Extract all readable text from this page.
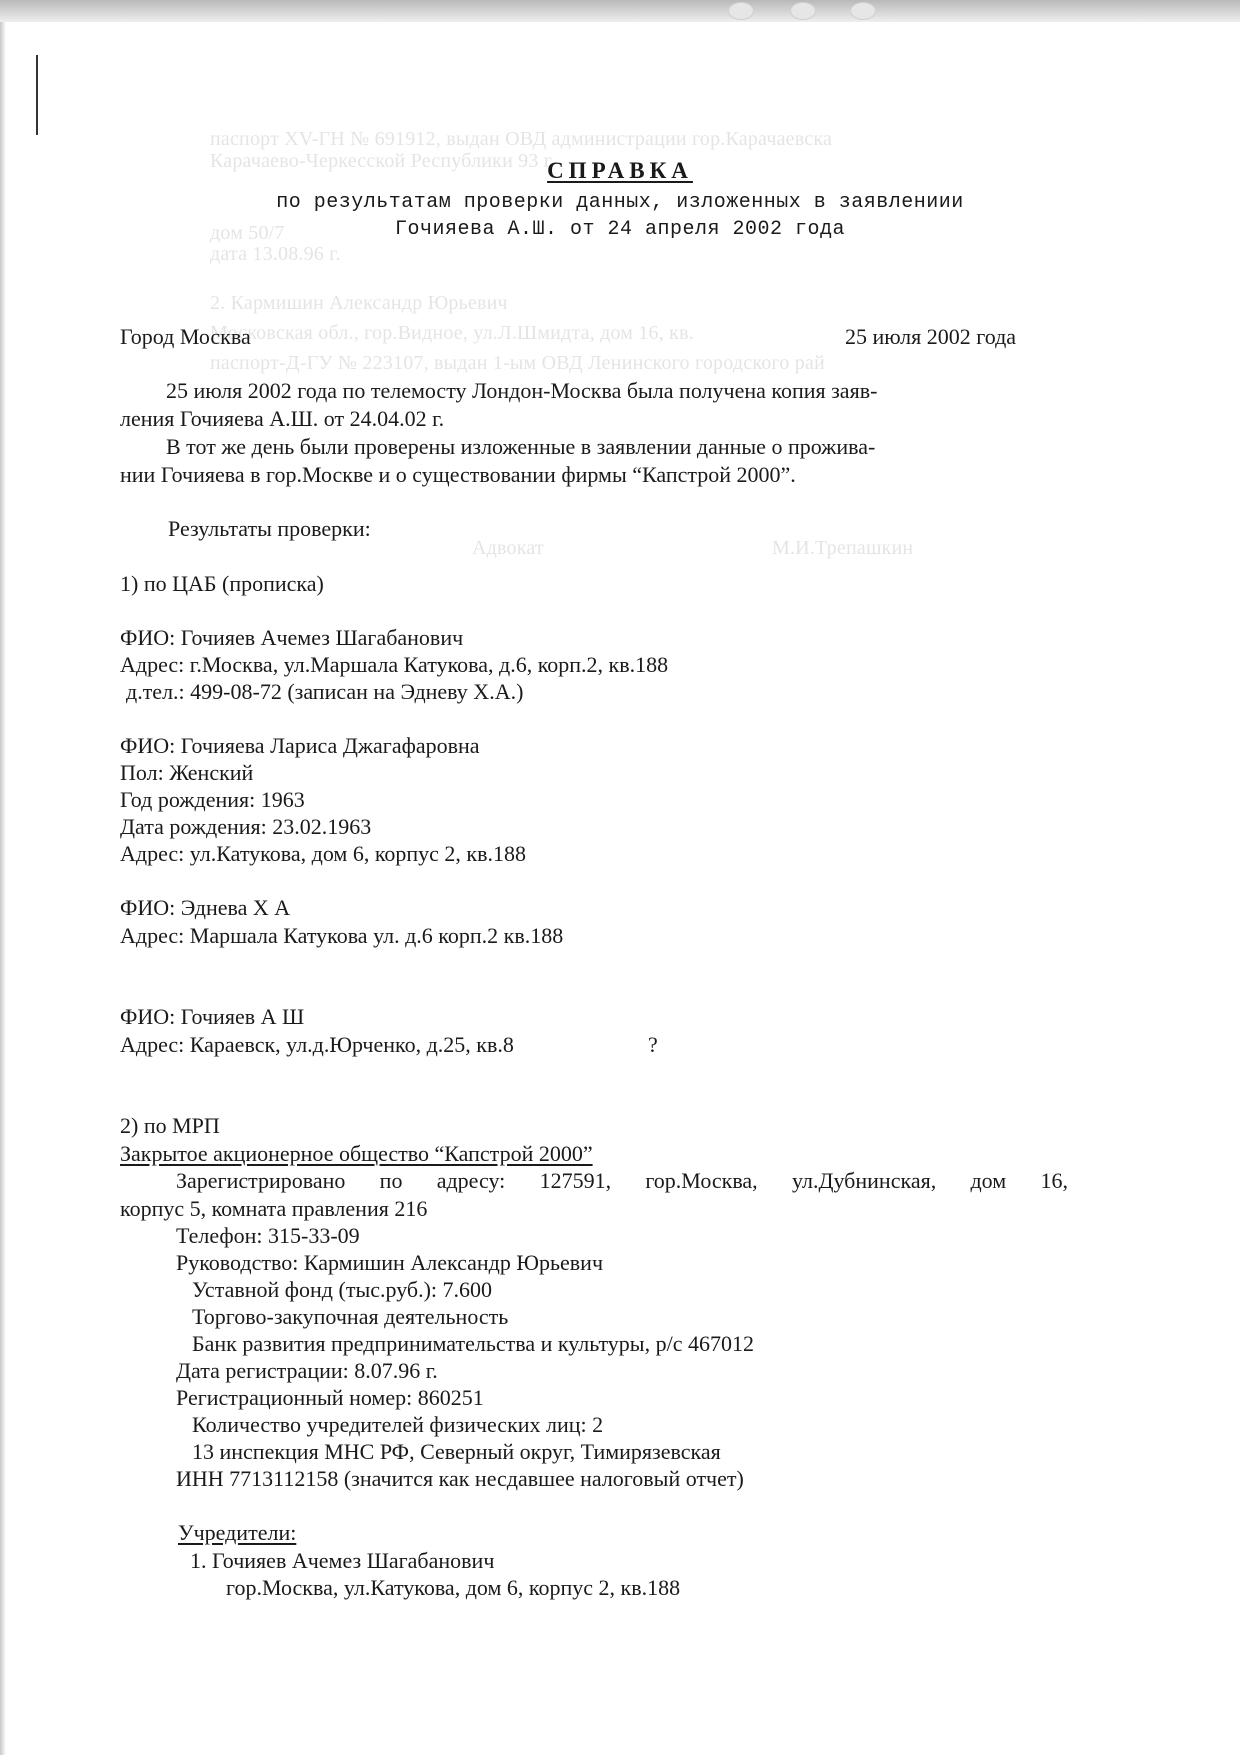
паспорт XV-ГН № 691912, выдан ОВД администрации гор.Карачаевска
Карачаево-Черкесской Республики 93 г.
дом 50/7
дата 13.08.96 г.
2. Кармишин Александр Юрьевич
Московская обл., гор.Видное, ул.Л.Шмидта, дом 16, кв.
паспорт-Д-ГУ № 223107, выдан 1-ым ОВД Ленинского городского рай
Адвокат	М.И.Трепашкин
СПРАВКА
по результатам проверки данных, изложенных в заявлениии
Гочияева А.Ш. от 24 апреля 2002 года
Город Москва	25 июля 2002 года
25 июля 2002 года по телемосту Лондон-Москва была получена копия заяв-
ления Гочияева А.Ш. от 24.04.02 г.
В тот же день были проверены изложенные в заявлении данные о прожива-
нии Гочияева в гор.Москве и о существовании фирмы “Капстрой 2000”.
Результаты проверки:
1) по ЦАБ (прописка)
ФИО: Гочияев Ачемез Шагабанович
Адрес: г.Москва, ул.Маршала Катукова, д.6, корп.2, кв.188
д.тел.: 499-08-72 (записан на Эдневу Х.А.)
ФИО: Гочияева Лариса Джагафаровна
Пол: Женский
Год рождения: 1963
Дата рождения: 23.02.1963
Адрес: ул.Катукова, дом 6, корпус 2, кв.188
ФИО: Эднева Х А
Адрес: Маршала Катукова ул. д.6 корп.2 кв.188
ФИО: Гочияев А Ш
Адрес: Караевск, ул.д.Юрченко, д.25, кв.8	?
2) по МРП
Закрытое акционерное общество “Капстрой 2000”
Зарегистрировано по адресу: 127591, гор.Москва, ул.Дубнинская, дом 16,
корпус 5, комната правления 216
Телефон: 315-33-09
Руководство: Кармишин Александр Юрьевич
Уставной фонд (тыс.руб.): 7.600
Торгово-закупочная деятельность
Банк развития предпринимательства и культуры, р/с 467012
Дата регистрации: 8.07.96 г.
Регистрационный номер: 860251
Количество учредителей физических лиц: 2
13 инспекция МНС РФ, Северный округ, Тимирязевская
ИНН 7713112158 (значится как несдавшее налоговый отчет)
Учредители:
1. Гочияев Ачемез Шагабанович
гор.Москва, ул.Катукова, дом 6, корпус 2, кв.188
